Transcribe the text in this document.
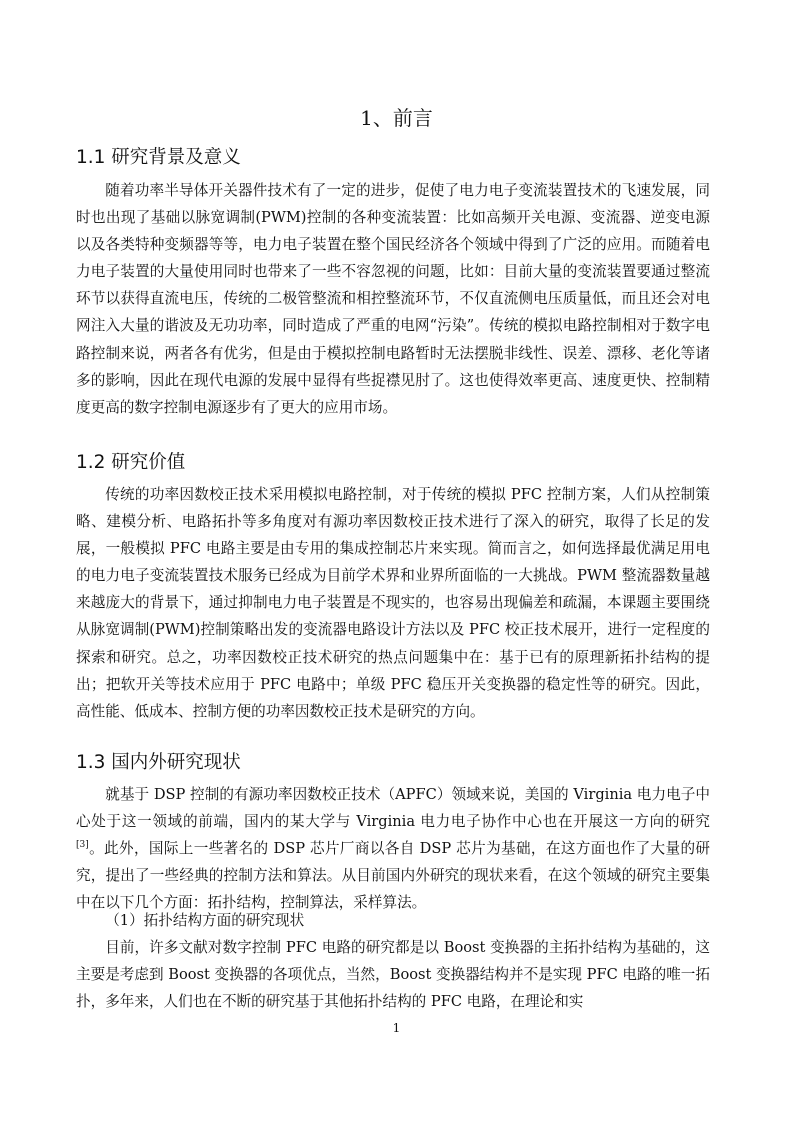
1、前言
1.1 研究背景及意义
随着功率半导体开关器件技术有了一定的进步，促使了电力电子变流装置技术的飞速发展，同时也出现了基础以脉宽调制(PWM)控制的各种变流装置：比如高频开关电源、变流器、逆变电源以及各类特种变频器等等，电力电子装置在整个国民经济各个领域中得到了广泛的应用。而随着电力电子装置的大量使用同时也带来了一些不容忽视的问题，比如：目前大量的变流装置要通过整流环节以获得直流电压，传统的二极管整流和相控整流环节，不仅直流侧电压质量低，而且还会对电网注入大量的谐波及无功功率，同时造成了严重的电网“污染”。传统的模拟电路控制相对于数字电路控制来说，两者各有优劣，但是由于模拟控制电路暂时无法摆脱非线性、误差、漂移、老化等诸多的影响，因此在现代电源的发展中显得有些捉襟见肘了。这也使得效率更高、速度更快、控制精度更高的数字控制电源逐步有了更大的应用市场。
1.2 研究价值
传统的功率因数校正技术采用模拟电路控制，对于传统的模拟 PFC 控制方案，人们从控制策略、建模分析、电路拓扑等多角度对有源功率因数校正技术进行了深入的研究，取得了长足的发展，一般模拟 PFC 电路主要是由专用的集成控制芯片来实现。简而言之，如何选择最优满足用电的电力电子变流装置技术服务已经成为目前学术界和业界所面临的一大挑战。PWM 整流器数量越来越庞大的背景下，通过抑制电力电子装置是不现实的，也容易出现偏差和疏漏，本课题主要围绕从脉宽调制(PWM)控制策略出发的变流器电路设计方法以及 PFC 校正技术展开，进行一定程度的探索和研究。总之，功率因数校正技术研究的热点问题集中在：基于已有的原理新拓扑结构的提出；把软开关等技术应用于 PFC 电路中；单级 PFC 稳压开关变换器的稳定性等的研究。因此，高性能、低成本、控制方便的功率因数校正技术是研究的方向。
1.3 国内外研究现状
就基于 DSP 控制的有源功率因数校正技术（APFC）领域来说，美国的 Virginia 电力电子中心处于这一领域的前端，国内的某大学与 Virginia 电力电子协作中心也在开展这一方向的研究[3]。此外，国际上一些著名的 DSP 芯片厂商以各自 DSP 芯片为基础，在这方面也作了大量的研究，提出了一些经典的控制方法和算法。从目前国内外研究的现状来看，在这个领域的研究主要集中在以下几个方面：拓扑结构，控制算法，采样算法。
（1）拓扑结构方面的研究现状
目前，许多文献对数字控制 PFC 电路的研究都是以 Boost 变换器的主拓扑结构为基础的，这主要是考虑到 Boost 变换器的各项优点，当然，Boost 变换器结构并不是实现 PFC 电路的唯一拓扑，多年来，人们也在不断的研究基于其他拓扑结构的 PFC 电路，在理论和实
1
